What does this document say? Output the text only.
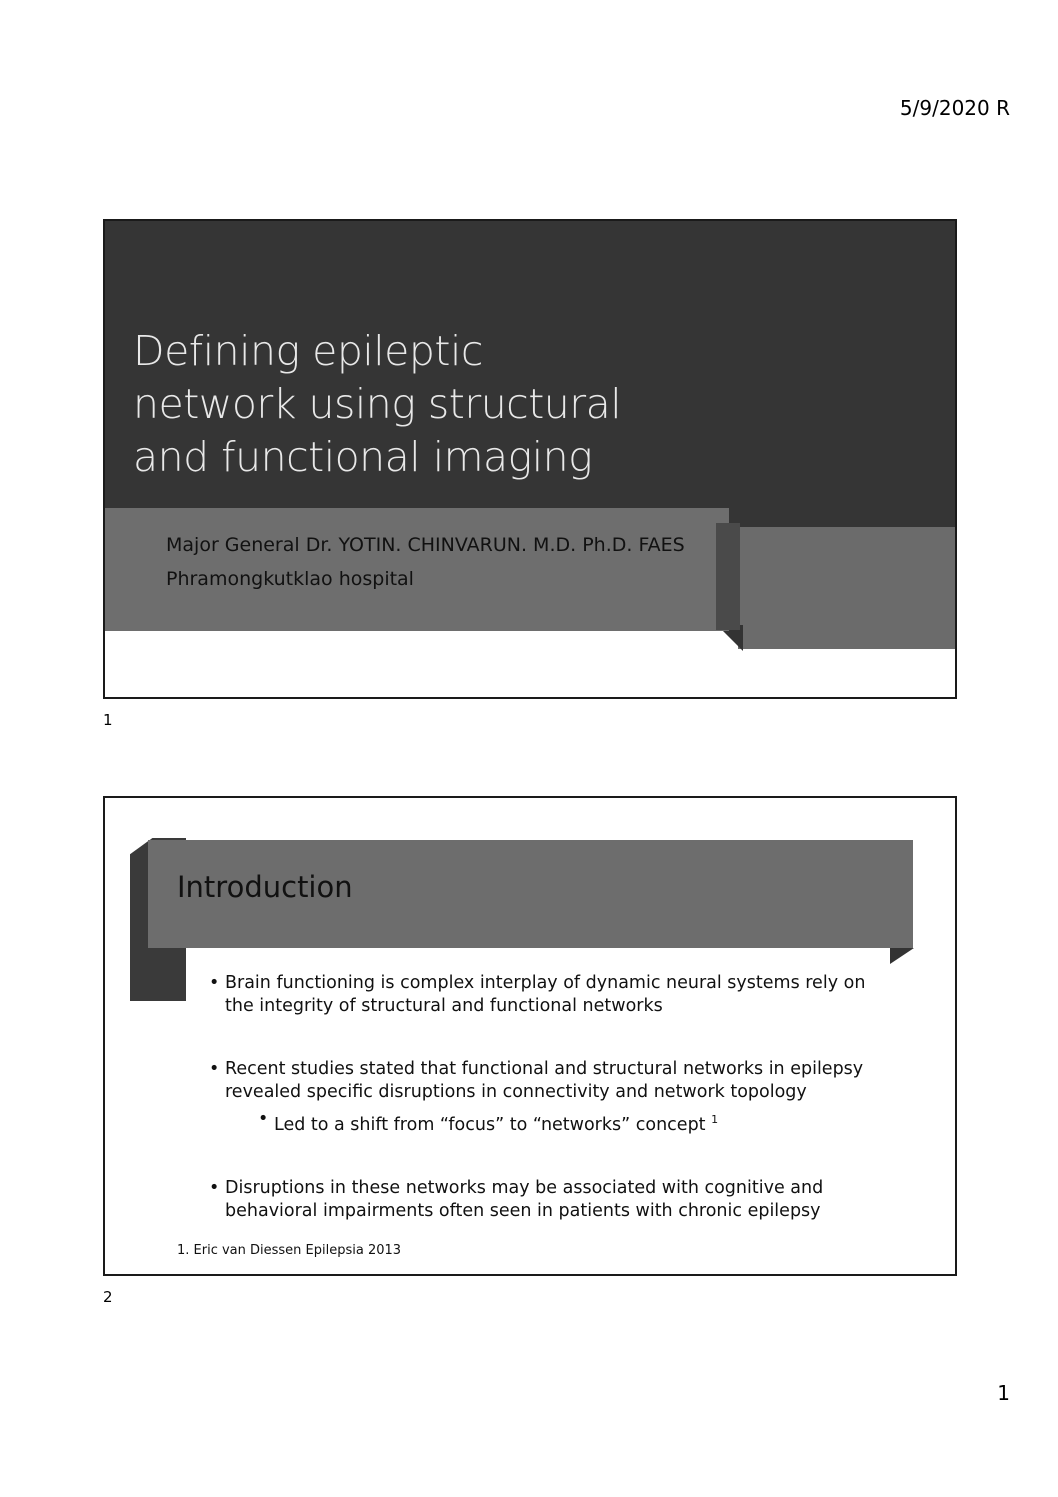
5/9/2020 R
Defining epileptic
network using structural
and functional imaging
Major General Dr. YOTIN. CHINVARUN. M.D. Ph.D. FAES
Phramongkutklao hospital
1
Introduction

• Brain functioning is complex interplay of dynamic neural systems rely on the integrity of structural and functional networks

• Recent studies stated that functional and structural networks in epilepsy revealed specific disruptions in connectivity and network topology
• Led to a shift from “focus” to “networks” concept $^1$

• Disruptions in these networks may be associated with cognitive and behavioral impairments often seen in patients with chronic epilepsy

1. Eric van Diessen Epilepsia 2013
2
1
